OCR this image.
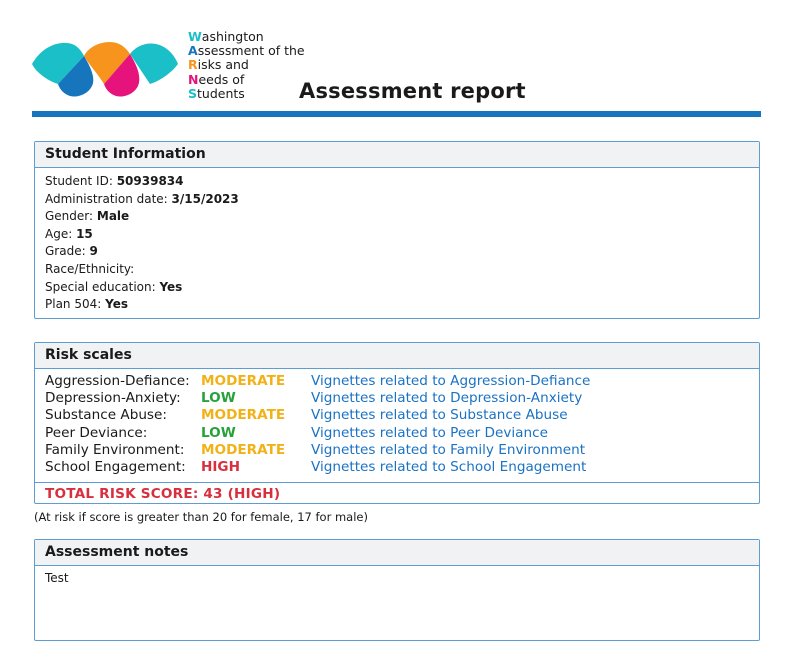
Washington
Assessment of the
Risks and
Needs of
Students	Assessment report
Student Information
Student ID: 50939834
Administration date: 3/15/2023
Gender: Male
Age: 15
Grade: 9
Race/Ethnicity:
Special education: Yes
Plan 504: Yes
Risk scales
Aggression-Defiance: MODERATE Vignettes related to Aggression-Defiance
Depression-Anxiety: LOW	Vignettes related to Depression-Anxiety
Substance Abuse:	MODERATE Vignettes related to Substance Abuse
Peer Deviance:	LOW	Vignettes related to Peer Deviance
Family Environment: MODERATE Vignettes related to Family Environment
School Engagement: HIGH	Vignettes related to School Engagement
TOTAL RISK SCORE: 43 (HIGH)
(At risk if score is greater than 20 for female, 17 for male)
Assessment notes
Test
